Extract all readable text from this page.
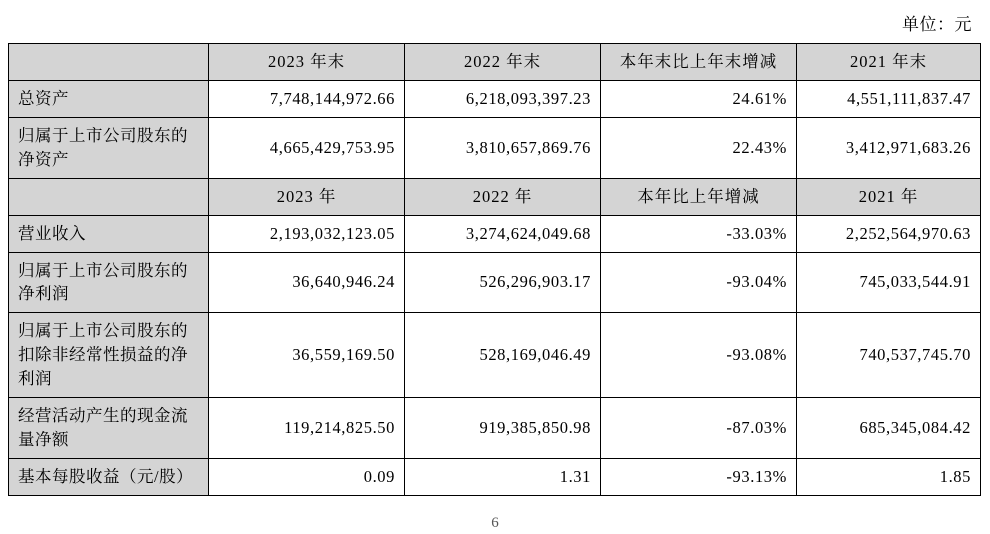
单位：元
	2023 年末	2022 年末	本年末比上年末增减	2021 年末
总资产	7,748,144,972.66	6,218,093,397.23	24.61%	4,551,111,837.47
归属于上市公司股东的净资产	4,665,429,753.95	3,810,657,869.76	22.43%	3,412,971,683.26
	2023 年	2022 年	本年比上年增减	2021 年
营业收入	2,193,032,123.05	3,274,624,049.68	-33.03%	2,252,564,970.63
归属于上市公司股东的净利润	36,640,946.24	526,296,903.17	-93.04%	745,033,544.91
归属于上市公司股东的扣除非经常性损益的净利润	36,559,169.50	528,169,046.49	-93.08%	740,537,745.70
经营活动产生的现金流量净额	119,214,825.50	919,385,850.98	-87.03%	685,345,084.42
基本每股收益（元/股）	0.09	1.31	-93.13%	1.85
6
